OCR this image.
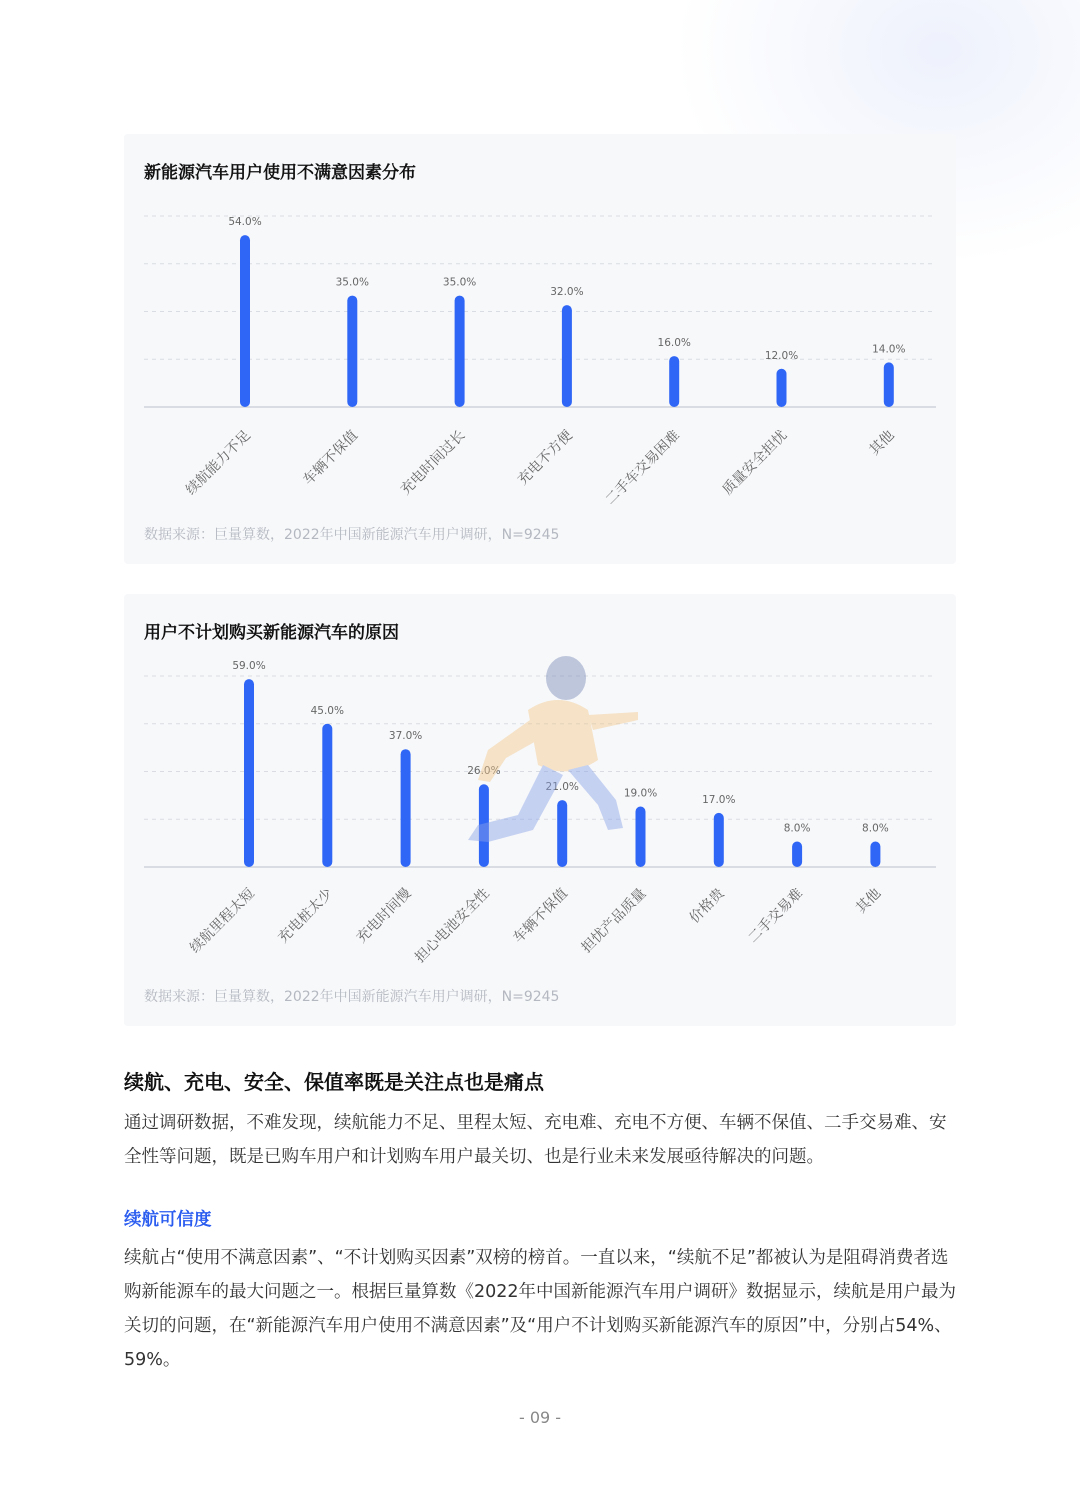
新能源汽车用户使用不满意因素分布
54.0%
续航能力不足
35.0%
车辆不保值
35.0%
充电时间过长
32.0%
充电不方便
16.0%
二手车交易困难
12.0%
质量安全担忧
14.0%
其他
数据来源：巨量算数，2022年中国新能源汽车用户调研，N=9245
用户不计划购买新能源汽车的原因
59.0%
续航里程太短
45.0%
充电桩太少
37.0%
充电时间慢
26.0%
担心电池安全性
21.0%
车辆不保值
19.0%
担忧产品质量
17.0%
价格贵
8.0%
二手交易难
8.0%
其他
数据来源：巨量算数，2022年中国新能源汽车用户调研，N=9245
续航、充电、安全、保值率既是关注点也是痛点
通过调研数据，不难发现，续航能力不足、里程太短、充电难、充电不方便、车辆不保值、二手交易难、安全性等问题，既是已购车用户和计划购车用户最关切、也是行业未来发展亟待解决的问题。
续航可信度
续航占“使用不满意因素”、“不计划购买因素”双榜的榜首。一直以来，“续航不足”都被认为是阻碍消费者选购新能源车的最大问题之一。根据巨量算数《2022年中国新能源汽车用户调研》数据显示，续航是用户最为关切的问题，在“新能源汽车用户使用不满意因素”及“用户不计划购买新能源汽车的原因”中，分别占54%、59%。
- 09 -
